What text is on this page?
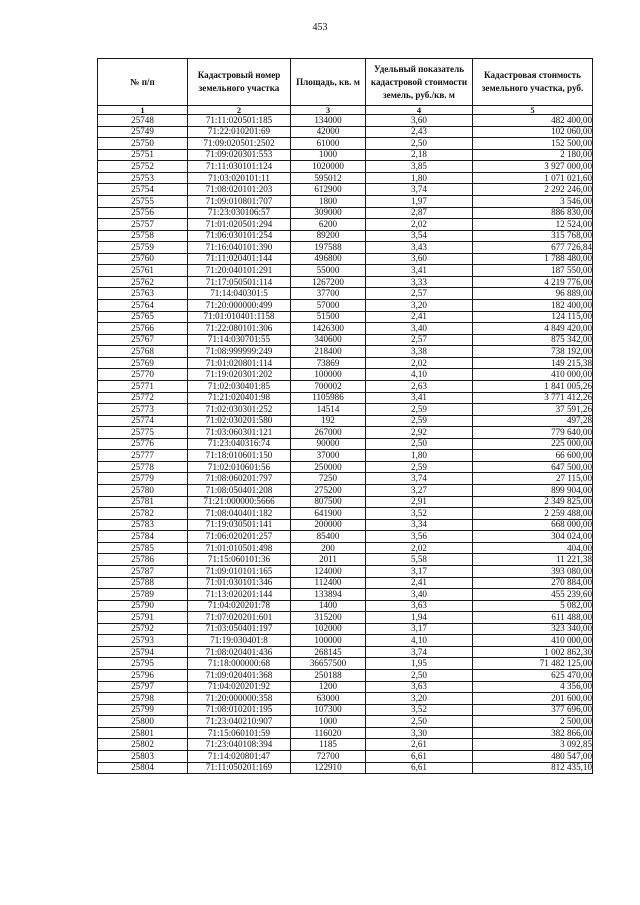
453
№ п/п	Кадастровый номер земельного участка	Площадь, кв. м	Удельный показатель кадастровой стоимости земель, руб./кв. м	Кадастровая стоимость земельного участка, руб.
1	2	3	4	5
25748	71:11:020501:185	134000	3,60	482 400,00
25749	71:22:010201:69	42000	2,43	102 060,00
25750	71:09:020501:2502	61000	2,50	152 500,00
25751	71:09:020301:553	1000	2,18	2 180,00
25752	71:11:030101:124	1020000	3,85	3 927 000,00
25753	71:03:020101:11	595012	1,80	1 071 021,60
25754	71:08:020101:203	612900	3,74	2 292 246,00
25755	71:09:010801:707	1800	1,97	3 546,00
25756	71:23:030106:57	309000	2,87	886 830,00
25757	71:01:020501:294	6200	2,02	12 524,00
25758	71:06:030101:254	89200	3,54	315 768,00
25759	71:16:040101:390	197588	3,43	677 726,84
25760	71:11:020401:144	496800	3,60	1 788 480,00
25761	71:20:040101:291	55000	3,41	187 550,00
25762	71:17:050501:114	1267200	3,33	4 219 776,00
25763	71:14:040301:5	37700	2,57	96 889,00
25764	71:20:000000:499	57000	3,20	182 400,00
25765	71:01:010401:1158	51500	2,41	124 115,00
25766	71:22:080101:306	1426300	3,40	4 849 420,00
25767	71:14:030701:55	340600	2,57	875 342,00
25768	71:08:999999:249	218400	3,38	738 192,00
25769	71:01:020801:114	73869	2,02	149 215,38
25770	71:19:020301:202	100000	4,10	410 000,00
25771	71:02:030401:85	700002	2,63	1 841 005,26
25772	71:21:020401:98	1105986	3,41	3 771 412,26
25773	71:02:030301:252	14514	2,59	37 591,26
25774	71:02:030201:580	192	2,59	497,28
25775	71:03:060301:121	267000	2,92	779 640,00
25776	71:23:040316:74	90000	2,50	225 000,00
25777	71:18:010601:150	37000	1,80	66 600,00
25778	71:02:010601:56	250000	2,59	647 500,00
25779	71:08:060201:797	7250	3,74	27 115,00
25780	71:08:050401:208	275200	3,27	899 904,00
25781	71:21:000000:5666	807500	2,91	2 349 825,00
25782	71:08:040401:182	641900	3,52	2 259 488,00
25783	71:19:030501:141	200000	3,34	668 000,00
25784	71:06:020201:257	85400	3,56	304 024,00
25785	71:01:010501:498	200	2,02	404,00
25786	71:15:060101:36	2011	5,58	11 221,38
25787	71:09:010101:165	124000	3,17	393 080,00
25788	71:01:030101:346	112400	2,41	270 884,00
25789	71:13:020201:144	133894	3,40	455 239,60
25790	71:04:020201:78	1400	3,63	5 082,00
25791	71:07:020201:601	315200	1,94	611 488,00
25792	71:03:050401:197	102000	3,17	323 340,00
25793	71:19:030401:8	100000	4,10	410 000,00
25794	71:08:020401:436	268145	3,74	1 002 862,30
25795	71:18:000000:68	36657500	1,95	71 482 125,00
25796	71:09:020401:368	250188	2,50	625 470,00
25797	71:04:020201:92	1200	3,63	4 356,00
25798	71:20:000000:358	63000	3,20	201 600,00
25799	71:08:010201:195	107300	3,52	377 696,00
25800	71:23:040210:907	1000	2,50	2 500,00
25801	71:15:060101:59	116020	3,30	382 866,00
25802	71:23:040108:394	1185	2,61	3 092,85
25803	71:14:020801:47	72700	6,61	480 547,00
25804	71:11:050201:169	122910	6,61	812 435,10
